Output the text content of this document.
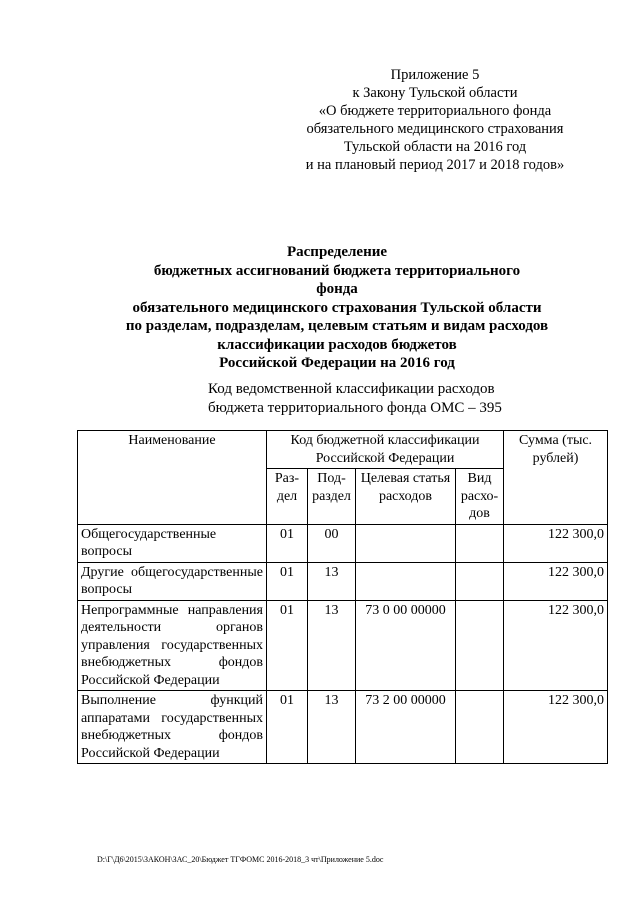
Приложение 5
к Закону Тульской области
«О бюджете территориального фонда
обязательного медицинского страхования
Тульской области на 2016 год
и на плановый период 2017 и 2018 годов»
Распределение
бюджетных ассигнований бюджета территориального
фонда
обязательного медицинского страхования Тульской области
по разделам, подразделам, целевым статьям и видам расходов
классификации расходов бюджетов
Российской Федерации на 2016 год
Код ведомственной классификации расходов
бюджета территориального фонда ОМС – 395
Наименование	Код бюджетной классификации Российской Федерации				Сумма (тыс. рублей)
	Раз-дел	Под-раздел	Целевая статья расходов	Вид расхо-дов	
Общегосударственные вопросы	01	00			122 300,0
Другие общегосударственные вопросы	01	13			122 300,0
Непрограммные направления деятельности органов управления государственных внебюджетных фондов Российской Федерации	01	13	73 0 00 00000		122 300,0
Выполнение функций аппаратами государственных внебюджетных фондов Российской Федерации	01	13	73 2 00 00000		122 300,0
D:\Г\Д6\2015\ЗАКОН\ЗАС_20\Бюджет ТГФОМС 2016-2018_3 чт\Приложение 5.doc
